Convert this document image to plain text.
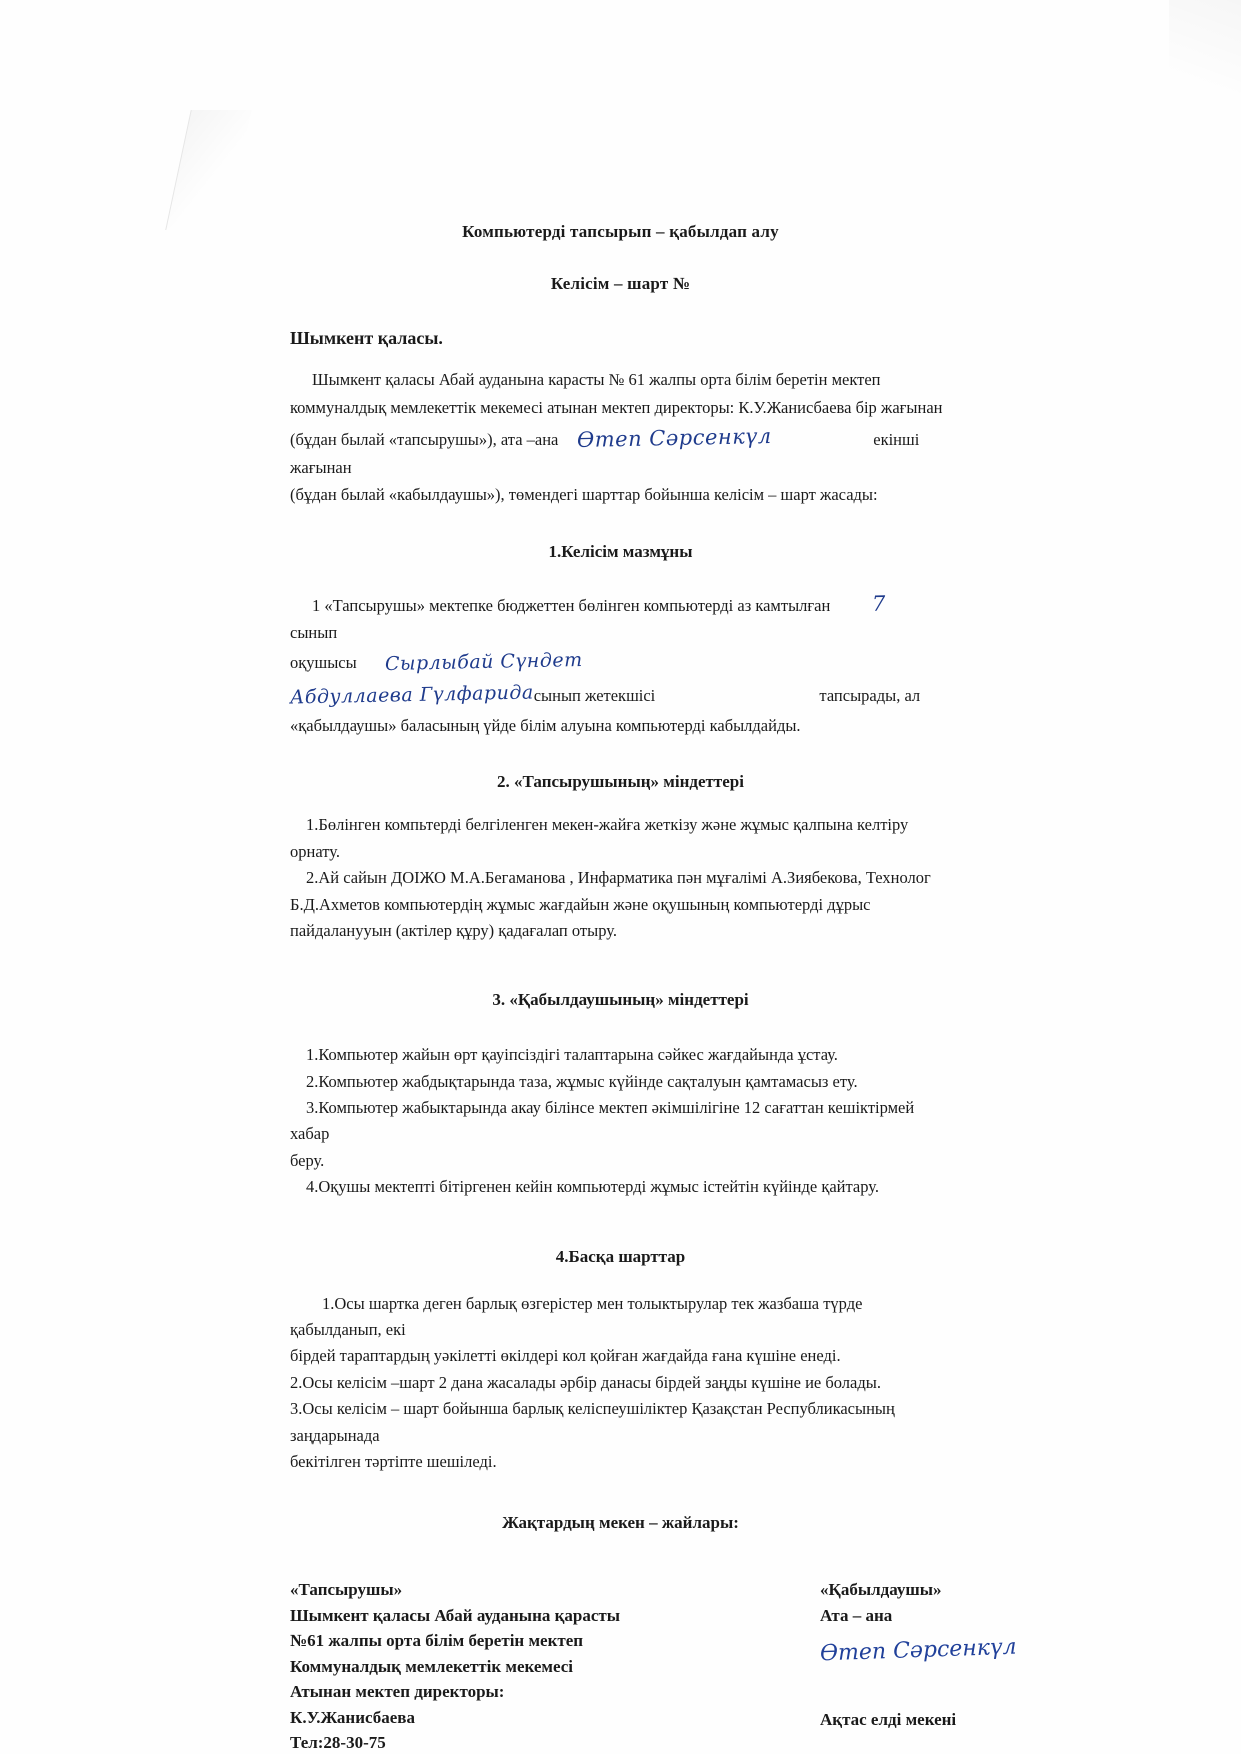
Компьютерді тапсырып – қабылдап алу
Келісім – шарт №
Шымкент қаласы.
Шымкент қаласы Абай ауданына карасты № 61 жалпы орта білім беретін мектеп
коммуналдық мемлекеттік мекемесі атынан мектеп директоры: К.У.Жанисбаева бір жағынан
(бұдан былай «тапсырушы»), ата –ана Өтеп Сәрсенкүл	екінші жағынан
(бұдан былай «кабылдаушы»), төмендегі шарттар бойынша келісім – шарт жасады:
1.Келісім мазмұны
1 «Тапсырушы» мектепке бюджеттен бөлінген компьютерді аз камтылған 7 сынып
оқушысы Сырлыбай Сүндет
Абдуллаева Гүлфаридасынып жетекшісі	тапсырады, ал
«қабылдаушы» баласының үйде білім алуына компьютерді кабылдайды.
2. «Тапсырушының» міндеттері
1.Бөлінген компьтерді белгіленген мекен-жайға жеткізу және жұмыс қалпына келтіру орнату.
2.Ай сайын ДОІЖО М.А.Бегаманова , Инфарматика пән мұғалімі А.Зиябекова, Технолог
Б.Д.Ахметов компьютердің жұмыс жағдайын және оқушының компьютерді дұрыс
пайдаланууын (актілер құру) қадағалап отыру.
3. «Қабылдаушының» міндеттері
1.Компьютер жайын өрт қауіпсіздігі талаптарына сәйкес жағдайында ұстау.
2.Компьютер жабдықтарында таза, жұмыс күйінде сақталуын қамтамасыз ету.
3.Компьютер жабыктарында акау білінсе мектеп әкімшілігіне 12 сағаттан кешіктірмей хабар
беру.
4.Оқушы мектепті бітіргенен кейін компьютерді жұмыс істейтін күйінде қайтару.
4.Басқа шарттар
1.Осы шартка деген барлық өзгерістер мен толыктырулар тек жазбаша түрде қабылданып, екі
бірдей тараптардың уәкілетті өкілдері кол қойған жағдайда ғана күшіне енеді.
2.Осы келісім –шарт 2 дана жасалады әрбір данасы бірдей заңды күшіне ие болады.
3.Осы келісім – шарт бойынша барлық келіспеушіліктер Қазақстан Республикасының заңдарынада
бекітілген тәртіпте шешіледі.
Жақтардың мекен – жайлары:
«Тапсырушы»
Шымкент қаласы Абай ауданына қарасты
№61 жалпы орта білім беретін мектеп
Коммуналдық мемлекеттік мекемесі
Атынан мектеп директоры:
К.У.Жанисбаева
Тел:28-30-75
«Қабылдаушы»
Ата – ана
Өтеп Сәрсенкүл
Ақтас елді мекені
